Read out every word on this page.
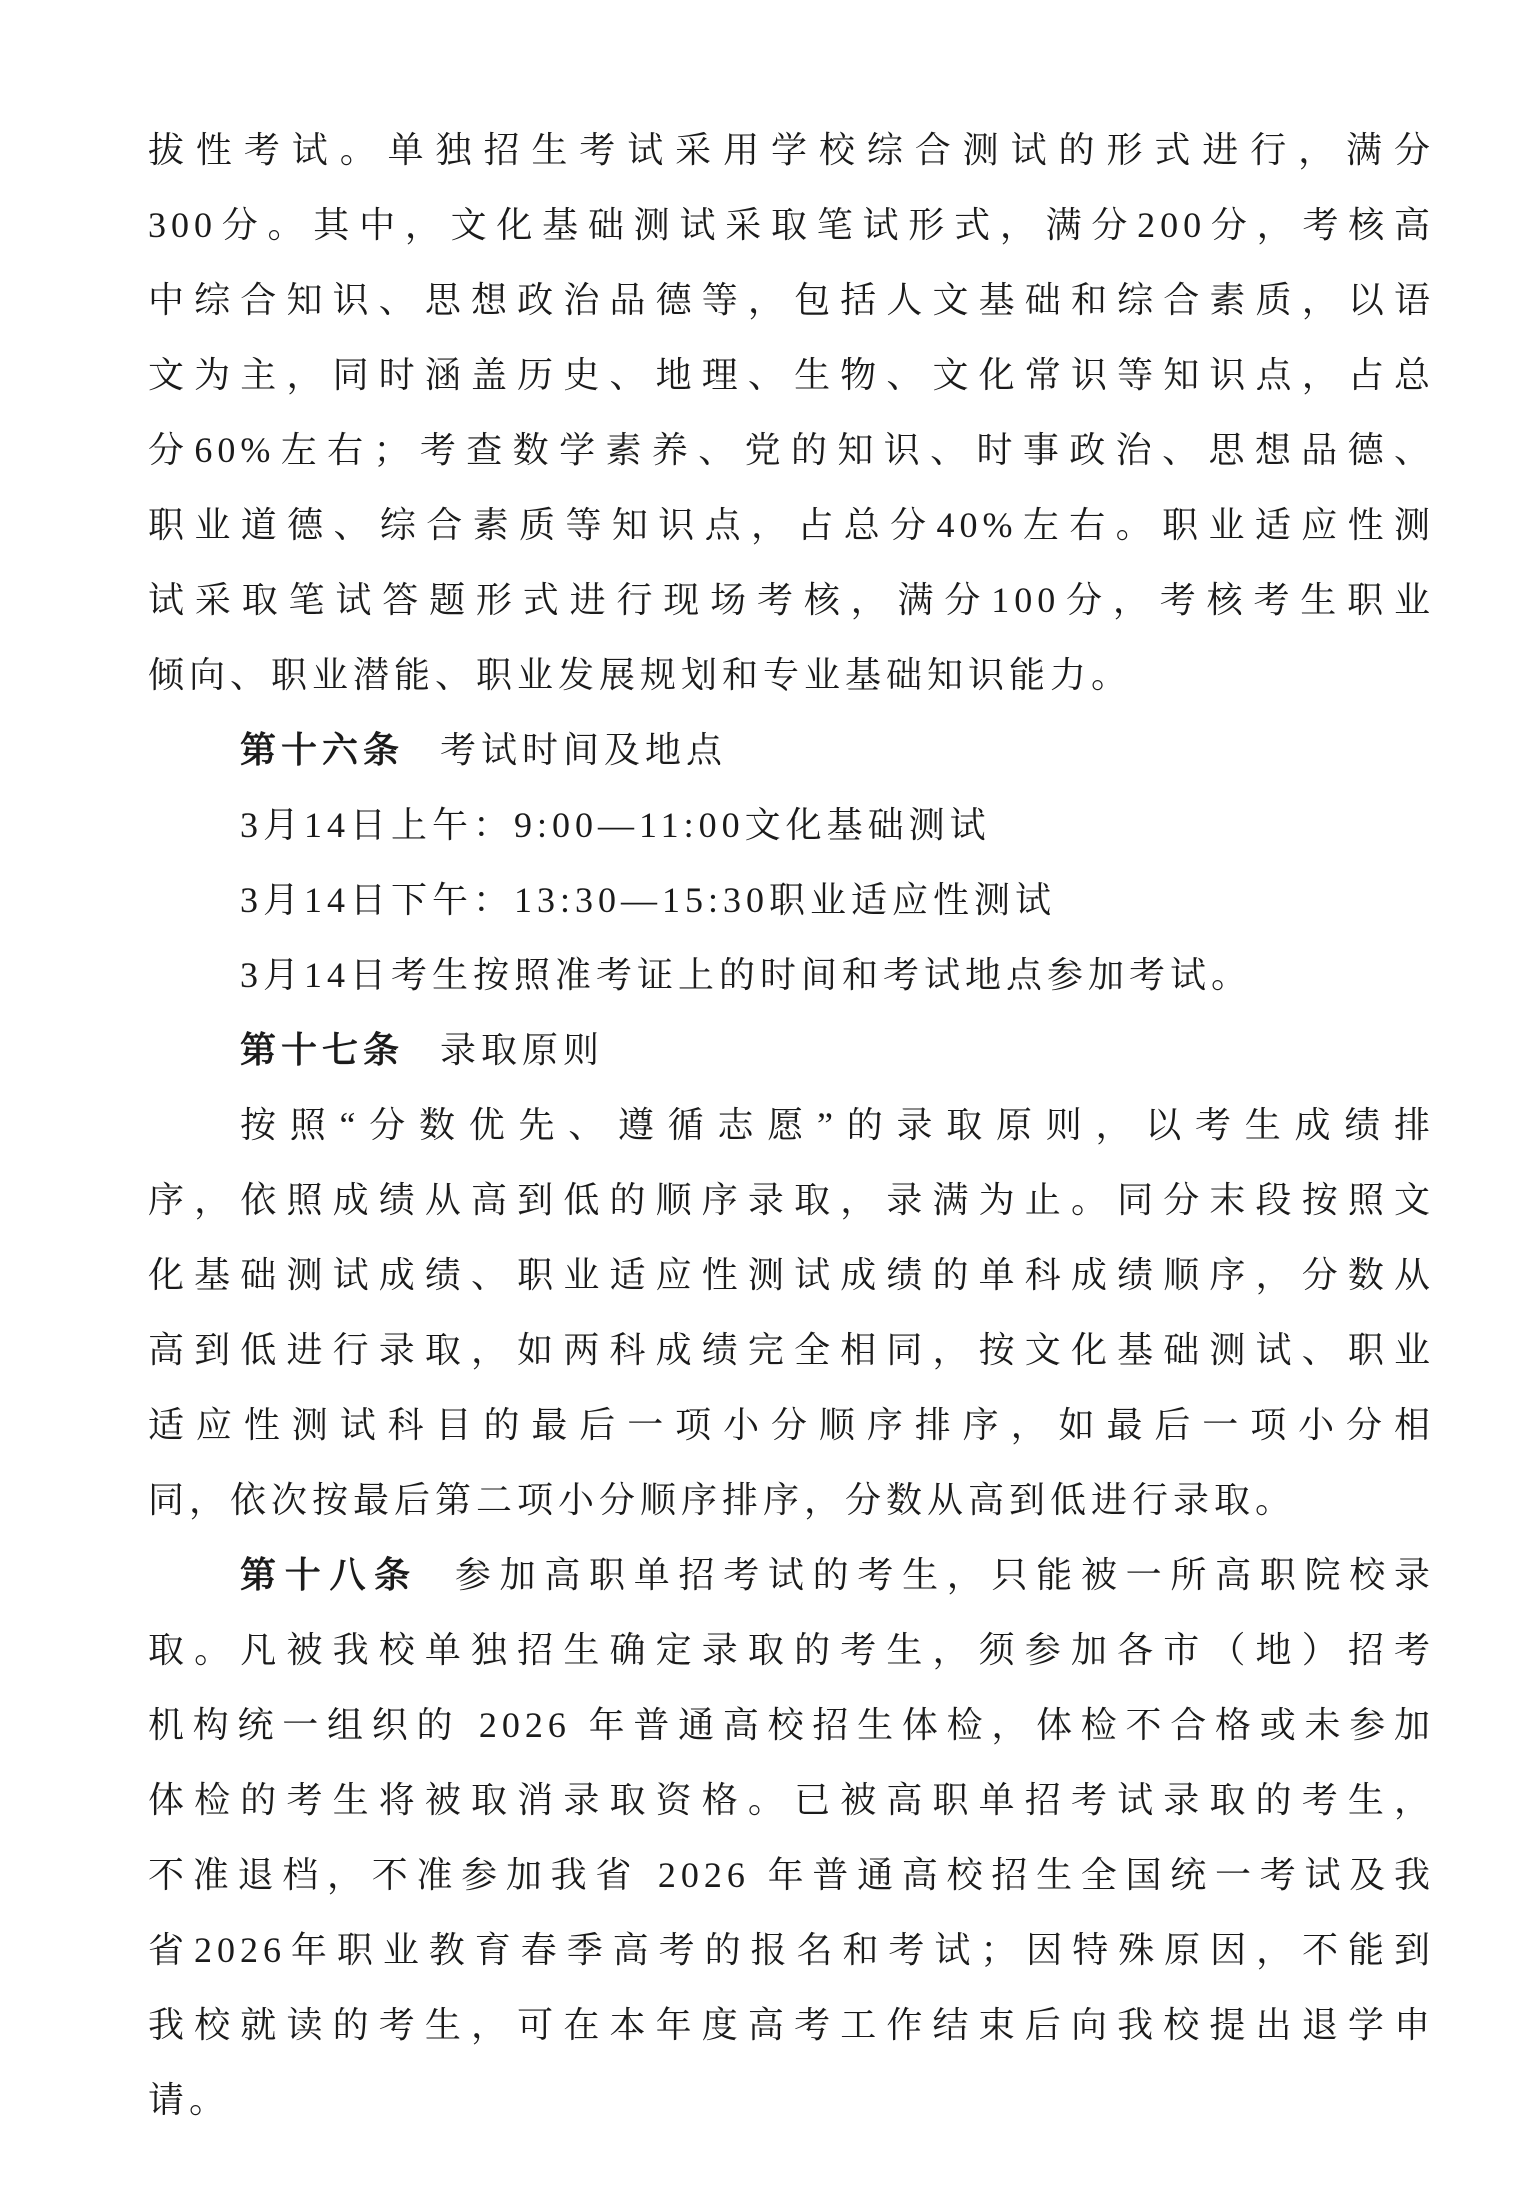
拔性考试。单独招生考试采用学校综合测试的形式进行，满分
300分。其中，文化基础测试采取笔试形式，满分200分，考核高
中综合知识、思想政治品德等，包括人文基础和综合素质，以语
文为主，同时涵盖历史、地理、生物、文化常识等知识点，占总
分60%左右；考查数学素养、党的知识、时事政治、思想品德、
职业道德、综合素质等知识点，占总分40%左右。职业适应性测
试采取笔试答题形式进行现场考核，满分100分，考核考生职业
倾向、职业潜能、职业发展规划和专业基础知识能力。
第十六条 考试时间及地点
3月14日上午：9:00—11:00文化基础测试
3月14日下午：13:30—15:30职业适应性测试
3月14日考生按照准考证上的时间和考试地点参加考试。
第十七条 录取原则
按照“分数优先、遵循志愿”的录取原则，以考生成绩排
序，依照成绩从高到低的顺序录取，录满为止。同分末段按照文
化基础测试成绩、职业适应性测试成绩的单科成绩顺序，分数从
高到低进行录取，如两科成绩完全相同，按文化基础测试、职业
适应性测试科目的最后一项小分顺序排序，如最后一项小分相
同，依次按最后第二项小分顺序排序，分数从高到低进行录取。
第十八条 参加高职单招考试的考生，只能被一所高职院校录
取。凡被我校单独招生确定录取的考生，须参加各市（地）招考
机构统一组织的 2026 年普通高校招生体检，体检不合格或未参加
体检的考生将被取消录取资格。已被高职单招考试录取的考生，
不准退档，不准参加我省 2026 年普通高校招生全国统一考试及我
省2026年职业教育春季高考的报名和考试；因特殊原因，不能到
我校就读的考生，可在本年度高考工作结束后向我校提出退学申
请。
